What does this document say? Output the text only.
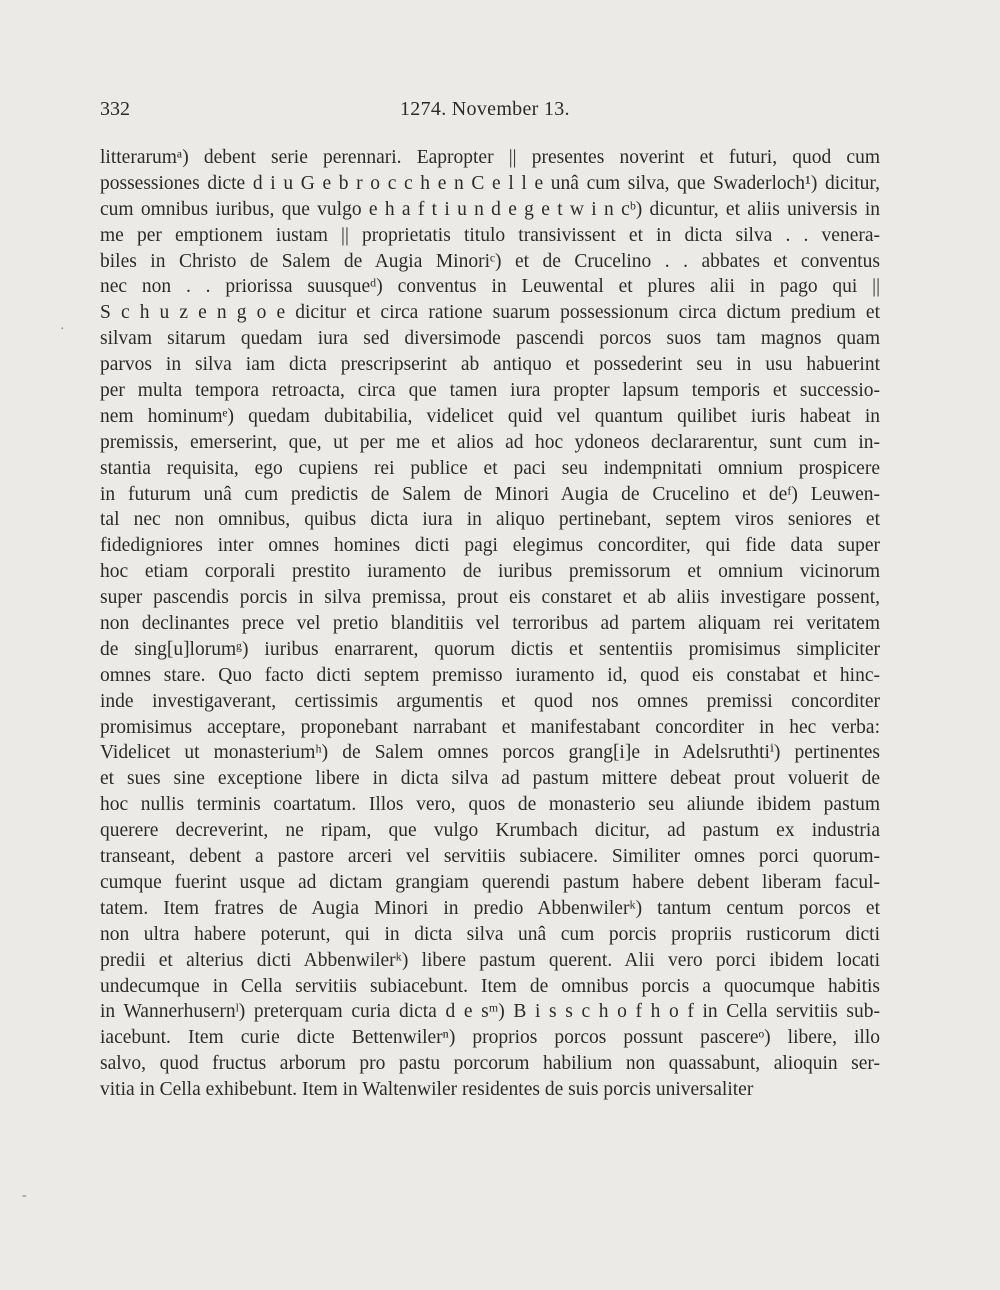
332	1274. November 13.
·
-
litterarumᵃ) debent serie perennari. Eapropter || presentes noverint et futuri, quod cum
possessiones dicte d i u G e b r o c c h e n C e l l e unâ cum silva, que Swaderloch¹) dicitur,
cum omnibus iuribus, que vulgo e h a f t i u n d e g e t w i n cᵇ) dicuntur, et aliis universis in
me per emptionem iustam || proprietatis titulo transivissent et in dicta silva . . venera-
biles in Christo de Salem de Augia Minoriᶜ) et de Crucelino . . abbates et conventus
nec non . . priorissa suusqueᵈ) conventus in Leuwental et plures alii in pago qui ||
S c h u z e n g o e dicitur et circa ratione suarum possessionum circa dictum predium et
silvam sitarum quedam iura sed diversimode pascendi porcos suos tam magnos quam
parvos in silva iam dicta prescripserint ab antiquo et possederint seu in usu habuerint
per multa tempora retroacta, circa que tamen iura propter lapsum temporis et successio-
nem hominumᵉ) quedam dubitabilia, videlicet quid vel quantum quilibet iuris habeat in
premissis, emerserint, que, ut per me et alios ad hoc ydoneos declararentur, sunt cum in-
stantia requisita, ego cupiens rei publice et paci seu indempnitati omnium prospicere
in futurum unâ cum predictis de Salem de Minori Augia de Crucelino et deᶠ) Leuwen-
tal nec non omnibus, quibus dicta iura in aliquo pertinebant, septem viros seniores et
fidedigniores inter omnes homines dicti pagi elegimus concorditer, qui fide data super
hoc etiam corporali prestito iuramento de iuribus premissorum et omnium vicinorum
super pascendis porcis in silva premissa, prout eis constaret et ab aliis investigare possent,
non declinantes prece vel pretio blanditiis vel terroribus ad partem aliquam rei veritatem
de sing[u]lorumᵍ) iuribus enarrarent, quorum dictis et sententiis promisimus simpliciter
omnes stare. Quo facto dicti septem premisso iuramento id, quod eis constabat et hinc-
inde investigaverant, certissimis argumentis et quod nos omnes premissi concorditer
promisimus acceptare, proponebant narrabant et manifestabant concorditer in hec verba:
Videlicet ut monasteriumʰ) de Salem omnes porcos grang[i]e in Adelsruthtiⁱ) pertinentes
et sues sine exceptione libere in dicta silva ad pastum mittere debeat prout voluerit de
hoc nullis terminis coartatum. Illos vero, quos de monasterio seu aliunde ibidem pastum
querere decreverint, ne ripam, que vulgo Krumbach dicitur, ad pastum ex industria
transeant, debent a pastore arceri vel servitiis subiacere. Similiter omnes porci quorum-
cumque fuerint usque ad dictam grangiam querendi pastum habere debent liberam facul-
tatem. Item fratres de Augia Minori in predio Abbenwilerᵏ) tantum centum porcos et
non ultra habere poterunt, qui in dicta silva unâ cum porcis propriis rusticorum dicti
predii et alterius dicti Abbenwilerᵏ) libere pastum querent. Alii vero porci ibidem locati
undecumque in Cella servitiis subiacebunt. Item de omnibus porcis a quocumque habitis
in Wannerhusernˡ) preterquam curia dicta d e sᵐ) B i s s c h o f h o f in Cella servitiis sub-
iacebunt. Item curie dicte Bettenwilerⁿ) proprios porcos possunt pascereᵒ) libere, illo
salvo, quod fructus arborum pro pastu porcorum habilium non quassabunt, alioquin ser-
vitia in Cella exhibebunt. Item in Waltenwiler residentes de suis porcis universaliter
